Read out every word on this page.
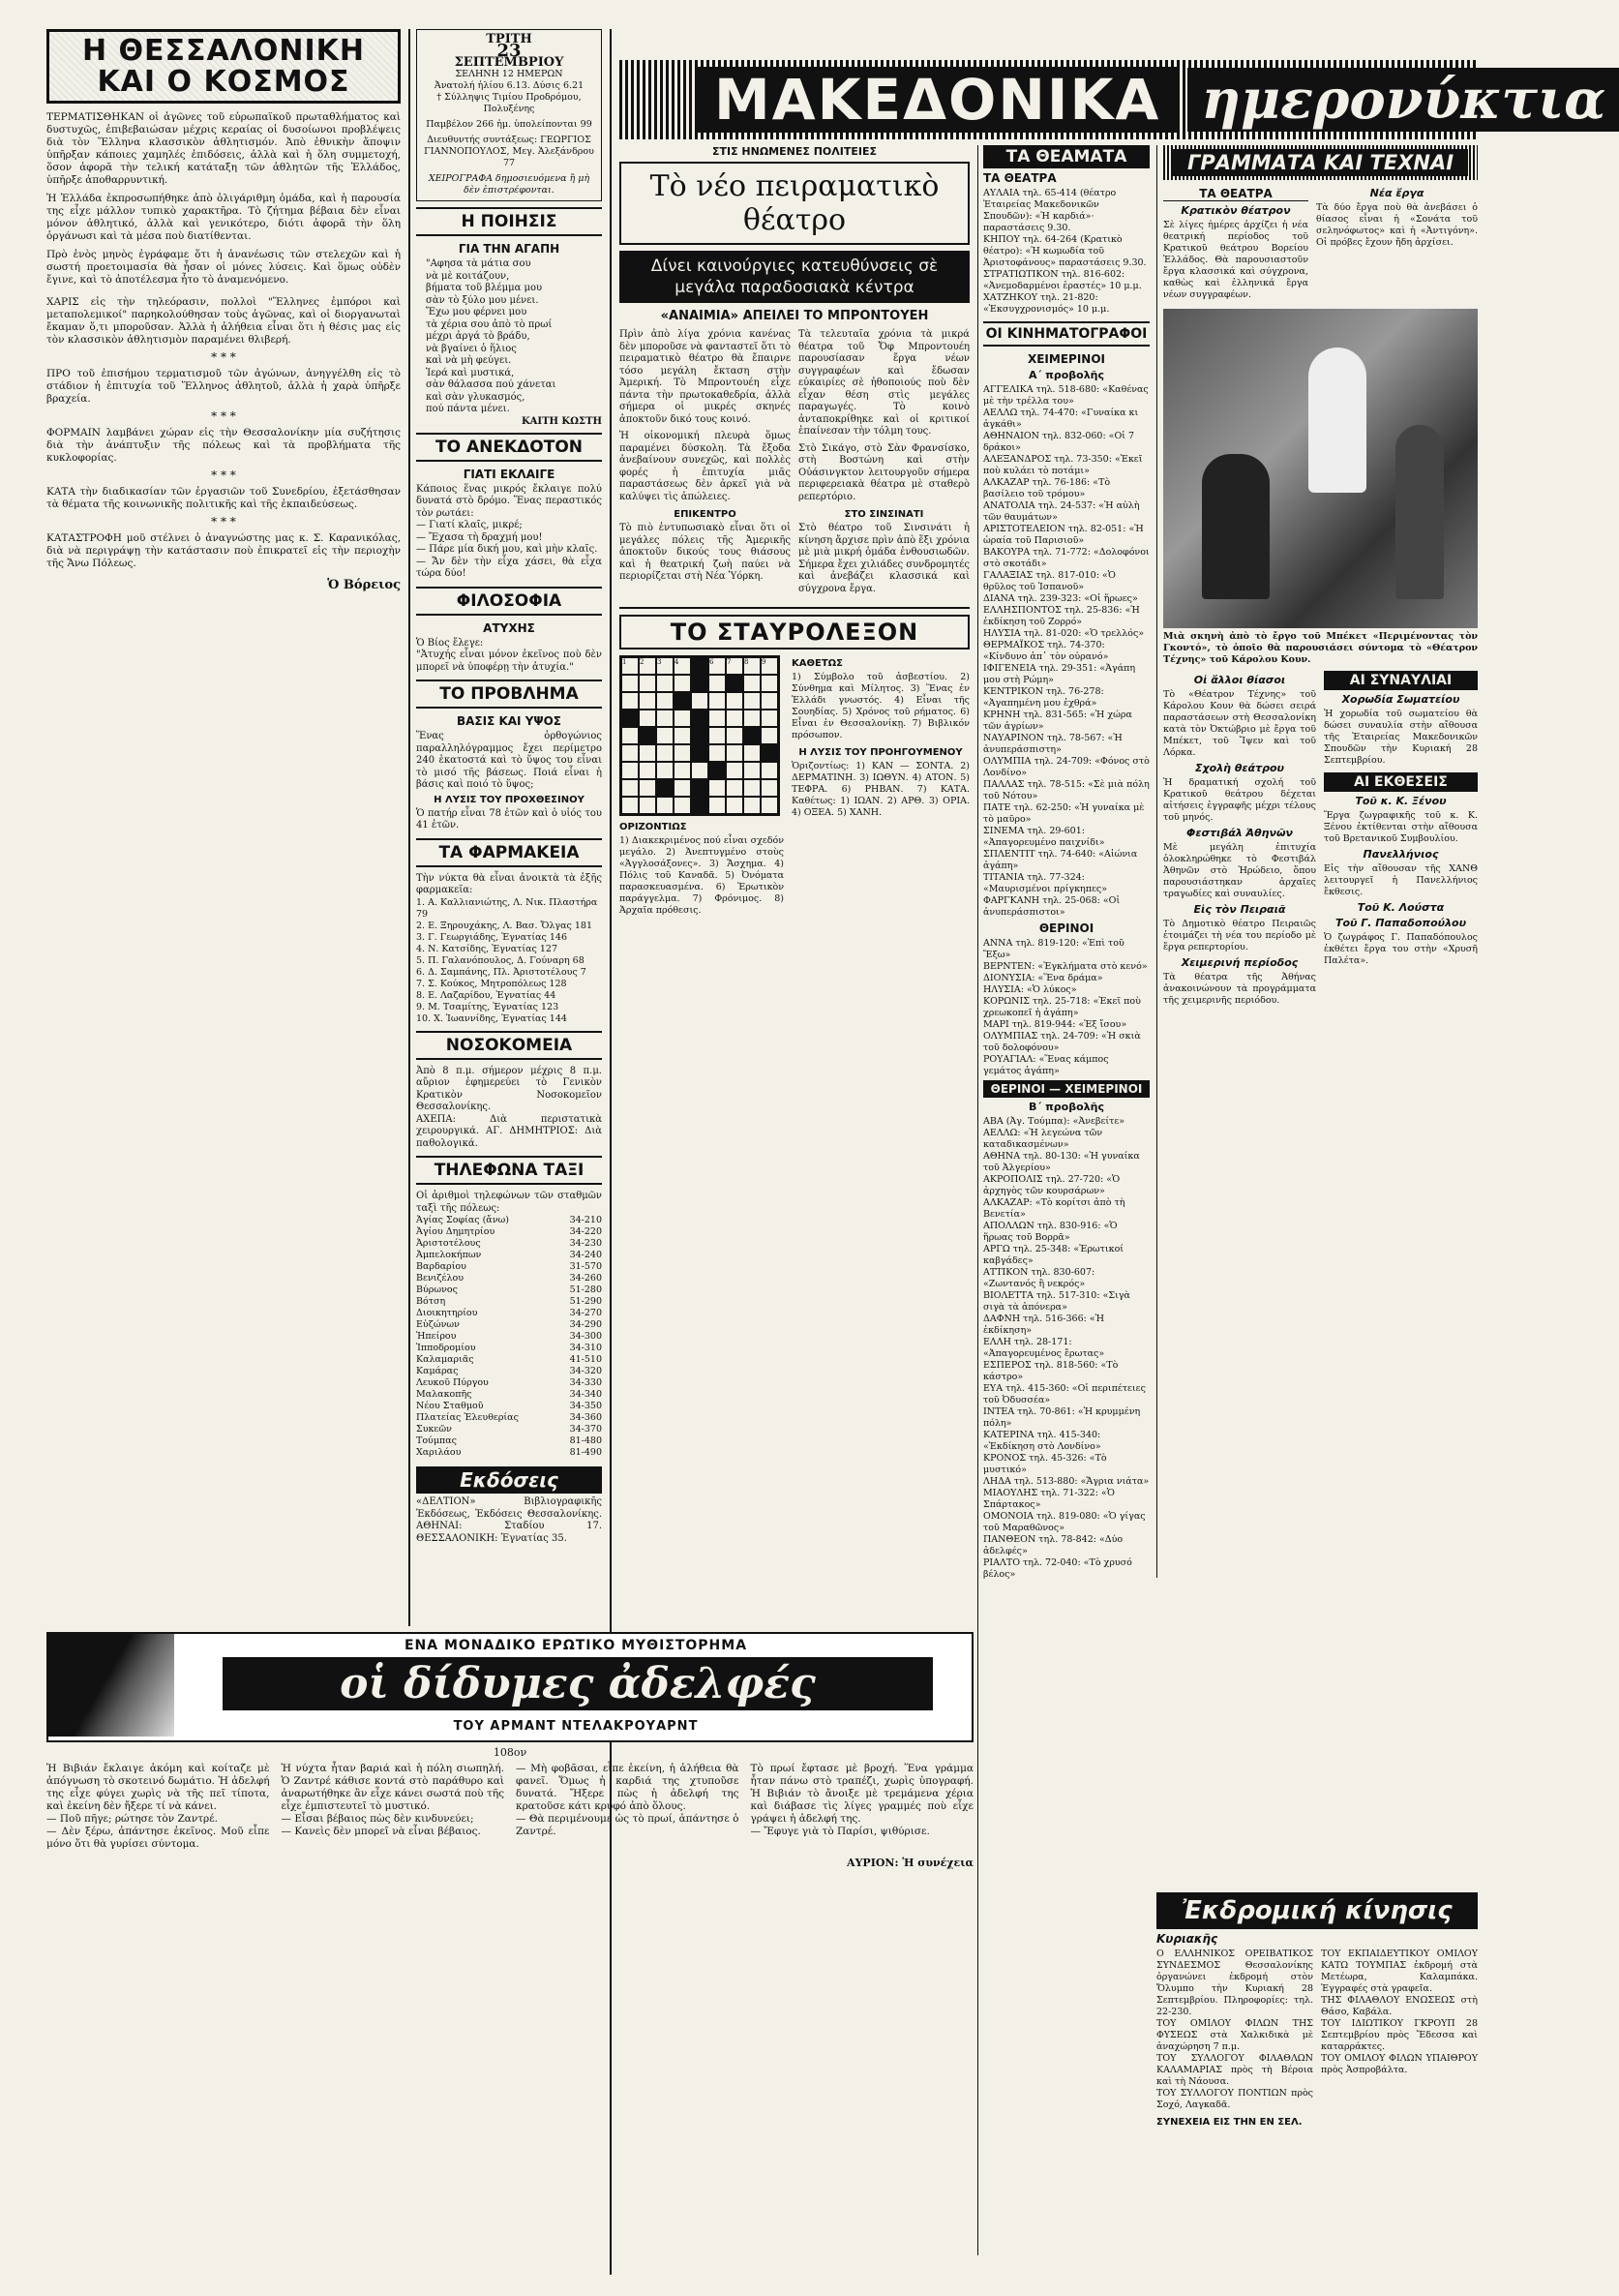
Η ΘΕΣΣΑΛΟΝΙΚΗ ΚΑΙ Ο ΚΟΣΜΟΣ
ΤΕΡΜΑΤΙΣΘΗΚΑΝ οἱ ἀγῶνες τοῦ εὐρωπαϊκοῦ πρωταθλήματος καὶ δυστυχῶς, ἐπιβεβαιώσαν μέχρις κεραίας οἱ δυσοίωνοι προβλέψεις διὰ τὸν Ἕλληνα κλασσικὸν ἀθλητισμόν. Ἀπὸ ἐθνικὴν ἄποψιν ὑπῆρξαν κάποιες χαμηλές ἐπιδόσεις, ἀλλὰ καὶ ἡ ὅλη συμμετοχή, ὅσον ἀφορᾶ τὴν τελική κατάταξη τῶν ἀθλητῶν τῆς Ἑλλάδος, ὑπῆρξε ἀποθαρρυντική.
Ἡ Ἑλλάδα ἐκπροσωπήθηκε ἀπὸ ὀλιγάριθμη ὁμάδα, καὶ ἡ παρουσία της εἶχε μάλλον τυπικὸ χαρακτῆρα. Τὸ ζήτημα βέβαια δὲν εἶναι μόνον ἀθλητικό, ἀλλὰ καὶ γενικότερο, διότι ἀφορᾶ τὴν ὅλη ὀργάνωσι καὶ τὰ μέσα ποὺ διατίθενται.
Πρὸ ἑνὸς μηνὸς ἐγράφαμε ὅτι ἡ ἀνανέωσις τῶν στελεχῶν καὶ ἡ σωστή προετοιμασία θὰ ἦσαν οἱ μόνες λύσεις. Καὶ ὅμως οὐδὲν ἔγινε, καὶ τὸ ἀποτέλεσμα ἦτο τὸ ἀναμενόμενο.
ΧΑΡΙΣ εἰς τὴν τηλεόρασιν, πολλοὶ "Ἕλληνες ἐμπόροι καὶ μεταπολεμικοί" παρηκολούθησαν τοὺς ἀγῶνας, καὶ οἱ διοργανωταὶ ἔκαμαν ὅ,τι μποροῦσαν. Ἀλλὰ ἡ ἀλήθεια εἶναι ὅτι ἡ θέσις μας εἰς τὸν κλασσικὸν ἀθλητισμὸν παραμένει θλιβερή.
* * *
ΠΡΟ τοῦ ἐπισήμου τερματισμοῦ τῶν ἀγώνων, ἀνηγγέλθη εἰς τὸ στάδιον ἡ ἐπιτυχία τοῦ Ἕλληνος ἀθλητοῦ, ἀλλὰ ἡ χαρὰ ὑπῆρξε βραχεία.
* * *
ΦΟΡΜΑΙΝ λαμβάνει χώραν εἰς τὴν Θεσσαλονίκην μία συζήτησις διὰ τὴν ἀνάπτυξιν τῆς πόλεως καὶ τὰ προβλήματα τῆς κυκλοφορίας.
* * *
ΚΑΤΑ τὴν διαδικασίαν τῶν ἐργασιῶν τοῦ Συνεδρίου, ἐξετάσθησαν τὰ θέματα τῆς κοινωνικῆς πολιτικῆς καὶ τῆς ἐκπαιδεύσεως.
* * *
ΚΑΤΑΣΤΡΟΦΗ μοῦ στέλνει ὁ ἀναγνώστης μας κ. Σ. Καρανικόλας, διὰ νὰ περιγράψῃ τὴν κατάστασιν ποὺ ἐπικρατεῖ εἰς τὴν περιοχὴν τῆς Ἄνω Πόλεως.
Ὁ Βόρειος
ΤΡΙΤΗ
23
ΣΕΠΤΕΜΒΡΙΟΥ
ΣΕΛΗΝΗ 12 ΗΜΕΡΩΝ
Ἀνατολή ἡλίου 6.13. Δύσις 6.21
† Σύλληψις Τιμίου Προδρόμου, Πολυξένης
Παμβέλον 266 ἡμ. ὑπολείπονται 99
Διευθυντής συντάξεως: ΓΕΩΡΓΙΟΣ ΓΙΑΝΝΟΠΟΥΛΟΣ, Μεγ. Ἀλεξάνδρου 77
ΧΕΙΡΟΓΡΑΦΑ δημοσιευόμενα ἢ μὴ δὲν ἐπιστρέφονται.
Η ΠΟΙΗΣΙΣ
ΓΙΑ ΤΗΝ ΑΓΑΠΗ
"Αφησα τὰ μάτια σου
νὰ μὲ κοιτάζουν,
βήματα τοῦ βλέμμα μου
σὰν τὸ ξύλο μου μένει.
Ἔχω μου φέρνει μου
τὰ χέρια σου ἀπὸ τὸ πρωί
μέχρι ἀργά τὸ βράδυ,
νὰ βγαίνει ὁ ἥλιος
καὶ νὰ μὴ φεύγει.
Ἱερά καὶ μυστικά,
σὰν θάλασσα πού χάνεται
καὶ σὰν γλυκασμός,
πού πάντα μένει.
ΚΑΙΤΗ ΚΩΣΤΗ
ΤΟ ΑΝΕΚΔΟΤΟΝ
ΓΙΑΤΙ ΕΚΛΑΙΓΕ
Κάποιος ἕνας μικρός ἔκλαιγε πολύ δυνατά στὸ δρόμο. Ἕνας περαστικός τὸν ρωτάει:
— Γιατί κλαῖς, μικρέ;
— Ἔχασα τὴ δραχμή μου!
— Πάρε μία δική μου, καὶ μὴν κλαῖς.
— Ἄν δὲν τὴν εἶχα χάσει, θὰ εἶχα τώρα δύο!
ΦΙΛΟΣΟΦΙΑ
ΑΤΥΧΗΣ
Ὁ Βίος ἔλεγε:
"Ἀτυχής εἶναι μόνον ἐκεῖνος ποὺ δὲν μπορεῖ νὰ ὑποφέρῃ τὴν ἀτυχία."
ΤΟ ΠΡΟΒΛΗΜΑ
ΒΑΣΙΣ ΚΑΙ ΥΨΟΣ
Ἕνας ὀρθογώνιος παραλληλόγραμμος ἔχει περίμετρο 240 ἑκατοστά καὶ τὸ ὕψος του εἶναι τὸ μισό τῆς βάσεως. Ποιά εἶναι ἡ βάσις καὶ ποιό τὸ ὕψος;
Η ΛΥΣΙΣ ΤΟΥ ΠΡΟΧΘΕΣΙΝΟΥ
Ὁ πατήρ εἶναι 78 ἐτῶν καὶ ὁ υἱός του 41 ἐτῶν.
ΤΑ ΦΑΡΜΑΚΕΙΑ
Τὴν νύκτα θὰ εἶναι ἀνοικτὰ τὰ ἑξῆς φαρμακεῖα:
1. Α. Καλλιανιώτης, Λ. Νικ. Πλαστήρα 79
2. Ε. Ξηρουχάκης, Λ. Βασ. Ὄλγας 181
3. Γ. Γεωργιάδης, Ἐγνατίας 146
4. Ν. Κατσίδης, Ἐγνατίας 127
5. Π. Γαλανόπουλος, Δ. Γούναρη 68
6. Δ. Σαμπάνης, Πλ. Ἀριστοτέλους 7
7. Σ. Κούκος, Μητροπόλεως 128
8. Ε. Λαζαρίδου, Ἐγνατίας 44
9. Μ. Τσαμίτης, Ἐγνατίας 123
10. Χ. Ἰωαννίδης, Ἐγνατίας 144
ΝΟΣΟΚΟΜΕΙΑ
Ἀπὸ 8 π.μ. σήμερον μέχρις 8 π.μ. αὔριον ἐφημερεύει τὸ Γενικὸν Κρατικὸν Νοσοκομεῖον Θεσσαλονίκης.
ΑΧΕΠΑ: Διὰ περιστατικὰ χειρουργικά. ΑΓ. ΔΗΜΗΤΡΙΟΣ: Διὰ παθολογικά.
ΤΗΛΕΦΩΝΑ ΤΑΞΙ
Οἱ ἀριθμοὶ τηλεφώνων τῶν σταθμῶν ταξὶ τῆς πόλεως:
Ἀγίας Σοφίας (ἄνω)	34-210
Ἀγίου Δημητρίου	34-220
Ἀριστοτέλους	34-230
Ἀμπελοκήπων	34-240
Βαρδαρίου	31-570
Βενιζέλου	34-260
Βύρωνος	51-280
Βότση	51-290
Διοικητηρίου	34-270
Εὐζώνων	34-290
Ἡπείρου	34-300
Ἱπποδρομίου	34-310
Καλαμαριᾶς	41-510
Καμάρας	34-320
Λευκοῦ Πύργου	34-330
Μαλακοπῆς	34-340
Νέου Σταθμοῦ	34-350
Πλατείας Ἐλευθερίας	34-360
Συκεῶν	34-370
Τούμπας	81-480
Χαριλάου	81-490
Εκδόσεις
«ΔΕΛΤΙΟΝ» Βιβλιογραφικῆς Ἐκδόσεως, Ἐκδόσεις Θεσσαλονίκης. ΑΘΗΝΑΙ: Σταδίου 17. ΘΕΣΣΑΛΟΝΙΚΗ: Ἐγνατίας 35.
ΜΑΚΕΔΟΝΙΚΑ ημερονύκτια
ΣΤΙΣ ΗΝΩΜΕΝΕΣ ΠΟΛΙΤΕΙΕΣ
Τὸ νέο πειραματικὸ θέατρο
Δίνει καινούργιες κατευθύνσεις σὲ μεγάλα παραδοσιακὰ κέντρα
«ΑΝΑΙΜΙΑ» ΑΠΕΙΛΕΙ ΤΟ ΜΠΡΟΝΤΟΥΕΗ
Πρὶν ἀπὸ λίγα χρόνια κανένας δὲν μποροῦσε νὰ φανταστεῖ ὅτι τὸ πειραματικὸ θέατρο θὰ ἔπαιρνε τόσο μεγάλη ἔκταση στὴν Ἀμερική. Τὸ Μπροντουέη εἶχε πάντα τὴν πρωτοκαθεδρία, ἀλλὰ σήμερα οἱ μικρές σκηνές ἀποκτοῦν δικό τους κοινό.
Ἡ οἰκονομική πλευρὰ ὅμως παραμένει δύσκολη. Τὰ ἔξοδα ἀνεβαίνουν συνεχῶς, καὶ πολλὲς φορές ἡ ἐπιτυχία μιᾶς παραστάσεως δὲν ἀρκεῖ γιὰ νὰ καλύψει τὶς ἀπώλειες.
ΕΠΙΚΕΝΤΡΟ
Τὸ πιὸ ἐντυπωσιακὸ εἶναι ὅτι οἱ μεγάλες πόλεις τῆς Ἀμερικῆς ἀποκτοῦν δικούς τους θιάσους καὶ ἡ θεατρική ζωὴ παύει νὰ περιορίζεται στὴ Νέα Ὑόρκη.
Τὰ τελευταῖα χρόνια τὰ μικρά θέατρα τοῦ Ὄφ Μπροντουέη παρουσίασαν ἔργα νέων συγγραφέων καὶ ἔδωσαν εὐκαιρίες σὲ ἠθοποιούς ποὺ δὲν εἶχαν θέση στὶς μεγάλες παραγωγές. Τὸ κοινὸ ἀνταποκρίθηκε καὶ οἱ κριτικοί ἐπαίνεσαν τὴν τόλμη τους.
Στὸ Σικάγο, στὸ Σὰν Φρανσίσκο, στὴ Βοστώνη καὶ στὴν Οὐάσινγκτον λειτουργοῦν σήμερα περιφερειακὰ θέατρα μὲ σταθερὸ ρεπερτόριο.
ΣΤΟ ΣΙΝΣΙΝΑΤΙ
Στὸ θέατρο τοῦ Σινσινάτι ἡ κίνηση ἄρχισε πρὶν ἀπὸ ἕξι χρόνια μὲ μιὰ μικρή ὁμάδα ἐνθουσιωδῶν. Σήμερα ἔχει χιλιάδες συνδρομητές καὶ ἀνεβάζει κλασσικά καὶ σύγχρονα ἔργα.
ΤΟ ΣΤΑΥΡΟΛΕΞΟΝ
1	2	3	4	6	7	8	9
ΟΡΙΖΟΝΤΙΩΣ
1) Διακεκριμένος πού εἶναι σχεδόν μεγάλο. 2) Ἀνεπτυγμένο στοὺς «Ἀγγλοσάξονες». 3) Ἄσχημα. 4) Πόλις τοῦ Καναδᾶ. 5) Ὀνόματα παρασκευασμένα. 6) Ἐρωτικὸν παράγγελμα. 7) Φρόνιμος. 8) Ἀρχαῖα πρόθεσις.
ΚΑΘΕΤΩΣ
1) Σύμβολο τοῦ ἀσβεστίου. 2) Σύνθημα καὶ Μίλητος. 3) Ἕνας ἐν Ἑλλάδι γνωστός. 4) Εἶναι τῆς Σουηδίας. 5) Χρόνος τοῦ ρήματος. 6) Εἶναι ἐν Θεσσαλονίκῃ. 7) Βιβλικόν πρόσωπον.
Η ΛΥΣΙΣ ΤΟΥ ΠΡΟΗΓΟΥΜΕΝΟΥ
Ὁριζοντίως: 1) ΚΑΝ — ΣΟΝΤΑ. 2) ΔΕΡΜΑΤΙΝΗ. 3) ΙΩΘΥΝ. 4) ΑΤΟΝ. 5) ΤΕΦΡΑ. 6) ΡΗΒΑΝ. 7) ΚΑΤΑ. Καθέτως: 1) ΙΩΑΝ. 2) ΑΡΘ. 3) ΟΡΙΑ. 4) ΟΞΕΑ. 5) ΧΑΝΗ.
ΤΑ ΘΕΑΜΑΤΑ
ΤΑ ΘΕΑΤΡΑ
ΑΥΛΑΙΑ τηλ. 65-414 (θέατρο Ἑταιρείας Μακεδονικῶν Σπουδῶν): «Ἡ καρδιά»· παραστάσεις 9.30.
ΚΗΠΟΥ τηλ. 64-264 (Κρατικὸ θέατρο): «Ἡ κωμωδία τοῦ Ἀριστοφάνους» παραστάσεις 9.30.
ΣΤΡΑΤΙΩΤΙΚΟΝ τηλ. 816-602: «Ἀνεμοδαρμένοι ἐραστές» 10 μ.μ.
ΧΑΤΖΗΚΟΥ τηλ. 21-820: «Ἐκσυγχρονισμός» 10 μ.μ.
ΟΙ ΚΙΝΗΜΑΤΟΓΡΑΦΟΙ
ΧΕΙΜΕΡΙΝΟΙ
Α΄ προβολῆς
ΑΓΓΕΛΙΚΑ τηλ. 518-680: «Καθένας μὲ τὴν τρέλλα του»
ΑΕΛΛΩ τηλ. 74-470: «Γυναίκα κι ἀγκάθι»
ΑΘΗΝΑΙΟΝ τηλ. 832-060: «Οἱ 7 δράκοι»
ΑΛΕΞΑΝΔΡΟΣ τηλ. 73-350: «Ἐκεῖ ποὺ κυλάει τὸ ποτάμι»
ΑΛΚΑΖΑΡ τηλ. 76-186: «Τὸ βασίλειο τοῦ τρόμου»
ΑΝΑΤΟΛΙΑ τηλ. 24-537: «Ἡ αὐλὴ τῶν θαυμάτων»
ΑΡΙΣΤΟΤΕΛΕΙΟΝ τηλ. 82-051: «Ἡ ὡραία τοῦ Παρισιοῦ»
ΒΑΚΟΥΡΑ τηλ. 71-772: «Δολοφόνοι στὸ σκοτάδι»
ΓΑΛΑΞΙΑΣ τηλ. 817-010: «Ὁ θρῦλος τοῦ Ἰσπανοῦ»
ΔΙΑΝΑ τηλ. 239-323: «Οἱ ἥρωες»
ΕΛΛΗΣΠΟΝΤΟΣ τηλ. 25-836: «Ἡ ἐκδίκηση τοῦ Ζορρό»
ΗΛΥΣΙΑ τηλ. 81-020: «Ὁ τρελλός»
ΘΕΡΜΑΪΚΟΣ τηλ. 74-370: «Κίνδυνο ἀπ᾽ τὸν οὐρανό»
ΙΦΙΓΕΝΕΙΑ τηλ. 29-351: «Ἀγάπη μου στὴ Ρώμη»
ΚΕΝΤΡΙΚΟΝ τηλ. 76-278: «Ἀγαπημένη μου ἐχθρά»
ΚΡΗΝΗ τηλ. 831-565: «Ἡ χώρα τῶν ἀγρίων»
ΝΑΥΑΡΙΝΟΝ τηλ. 78-567: «Ἡ ἀνυπεράσπιστη»
ΟΛΥΜΠΙΑ τηλ. 24-709: «Φόνος στὸ Λονδίνο»
ΠΑΛΛΑΣ τηλ. 78-515: «Σὲ μιὰ πόλη τοῦ Νότου»
ΠΑΤΕ τηλ. 62-250: «Ἡ γυναίκα μὲ τὸ μαῦρο»
ΣΙΝΕΜΑ τηλ. 29-601: «Ἀπαγορευμένο παιχνίδι»
ΣΠΛΕΝΤΙΤ τηλ. 74-640: «Αἰώνια ἀγάπη»
ΤΙΤΑΝΙΑ τηλ. 77-324: «Μαυρισμένοι πρίγκηπες»
ΦΑΡΓΚΑΝΗ τηλ. 25-068: «Οἱ ἀνυπεράσπιστοι»
ΘΕΡΙΝΟΙ
ΑΝΝΑ τηλ. 819-120: «Ἐπὶ τοῦ Ἔξω»
ΒΕΡΝΤΕΝ: «Ἐγκλήματα στὸ κενό»
ΔΙΟΝΥΣΙΑ: «Ἕνα δράμα»
ΗΛΥΣΙΑ: «Ὁ λύκος»
ΚΟΡΩΝΙΣ τηλ. 25-718: «Ἐκεῖ ποὺ χρεωκοπεῖ ἡ ἀγάπη»
ΜΑΡΙ τηλ. 819-944: «Ἐξ ἴσου»
ΟΛΥΜΠΙΑΣ τηλ. 24-709: «Ἡ σκιὰ τοῦ δολοφόνου»
ΡΟΥΑΓΙΑΛ: «Ἕνας κάμπος γεμάτος ἀγάπη»
ΘΕΡΙΝΟΙ — ΧΕΙΜΕΡΙΝΟΙ
Β΄ προβολῆς
ΑΒΑ (Ἀγ. Τούμπα): «Ἀνεβείτε»
ΑΕΛΛΩ: «Ἡ λεγεώνα τῶν καταδικασμένων»
ΑΘΗΝΑ τηλ. 80-130: «Ἡ γυναίκα τοῦ Ἀλγερίου»
ΑΚΡΟΠΟΛΙΣ τηλ. 27-720: «Ὁ ἀρχηγὸς τῶν κουρσάρων»
ΑΛΚΑΖΑΡ: «Τὸ κορίτσι ἀπὸ τὴ Βενετία»
ΑΠΟΛΛΩΝ τηλ. 830-916: «Ὁ ἥρωας τοῦ Βορρᾶ»
ΑΡΓΩ τηλ. 25-348: «Ἐρωτικοί καβγάδες»
ΑΤΤΙΚΟΝ τηλ. 830-607: «Ζωντανός ἢ νεκρός»
ΒΙΟΛΕΤΤΑ τηλ. 517-310: «Σιγὰ σιγὰ τὰ ἀπόνερα»
ΔΑΦΝΗ τηλ. 516-366: «Ἡ ἐκδίκηση»
ΕΛΛΗ τηλ. 28-171: «Ἀπαγορευμένος ἔρωτας»
ΕΣΠΕΡΟΣ τηλ. 818-560: «Τὸ κάστρο»
ΕΥΑ τηλ. 415-360: «Οἱ περιπέτειες τοῦ Ὀδυσσέα»
ΙΝΤΕΑ τηλ. 70-861: «Ἡ κρυμμένη πόλη»
ΚΑΤΕΡΙΝΑ τηλ. 415-340: «Ἐκδίκηση στὸ Λονδίνο»
ΚΡΟΝΟΣ τηλ. 45-326: «Τὸ μυστικό»
ΛΗΔΑ τηλ. 513-880: «Ἄγρια νιάτα»
ΜΙΑΟΥΛΗΣ τηλ. 71-322: «Ὁ Σπάρτακος»
ΟΜΟΝΟΙΑ τηλ. 819-080: «Ὁ γίγας τοῦ Μαραθῶνος»
ΠΑΝΘΕΟΝ τηλ. 78-842: «Δύο ἀδελφές»
ΡΙΑΛΤΟ τηλ. 72-040: «Τὸ χρυσό βέλος»
ΓΡΑΜΜΑΤΑ ΚΑΙ ΤΕΧΝΑΙ
ΤΑ ΘΕΑΤΡΑ
Κρατικὸν θέατρον
Σὲ λίγες ἡμέρες ἀρχίζει ἡ νέα θεατρική περίοδος τοῦ Κρατικοῦ θεάτρου Βορείου Ἑλλάδος. Θὰ παρουσιαστοῦν ἔργα κλασσικά καὶ σύγχρονα, καθὼς καὶ ἑλληνικά ἔργα νέων συγγραφέων.
Νέα ἔργα
Τὰ δύο ἔργα ποὺ θὰ ἀνεβάσει ὁ θίασος εἶναι ἡ «Σονάτα τοῦ σεληνόφωτος» καὶ ἡ «Ἀντιγόνη». Οἱ πρόβες ἔχουν ἤδη ἀρχίσει.
Μιὰ σκηνὴ ἀπὸ τὸ ἔργο τοῦ Μπέκετ «Περιμένοντας τὸν Γκοντό», τὸ ὁποῖο θὰ παρουσιάσει σύντομα τὸ «Θέατρον Τέχνης» τοῦ Κάρολου Κουν.
Οἱ ἄλλοι θίασοι
Τὸ «Θέατρον Τέχνης» τοῦ Κάρολου Κουν θὰ δώσει σειρά παραστάσεων στὴ Θεσσαλονίκη κατὰ τὸν Ὀκτώβριο μὲ ἔργα τοῦ Μπέκετ, τοῦ Ἴψεν καὶ τοῦ Λόρκα.
Σχολὴ θεάτρου
Ἡ δραματική σχολή τοῦ Κρατικοῦ θεάτρου δέχεται αἰτήσεις ἐγγραφῆς μέχρι τέλους τοῦ μηνός.
Φεστιβάλ Ἀθηνῶν
Μὲ μεγάλη ἐπιτυχία ὁλοκληρώθηκε τὸ Φεστιβάλ Ἀθηνῶν στὸ Ἡρώδειο, ὅπου παρουσιάστηκαν ἀρχαῖες τραγωδίες καὶ συναυλίες.
Εἰς τὸν Πειραιᾶ
Τὸ Δημοτικὸ θέατρο Πειραιῶς ἑτοιμάζει τὴ νέα του περίοδο μὲ ἔργα ρεπερτορίου.
Χειμερινή περίοδος
Τὰ θέατρα τῆς Ἀθήνας ἀνακοινώνουν τὰ προγράμματα τῆς χειμερινῆς περιόδου.
ΑΙ ΣΥΝΑΥΛΙΑΙ
Χορωδία Σωματείου
Ἡ χορωδία τοῦ σωματείου θὰ δώσει συναυλία στὴν αἴθουσα τῆς Ἑταιρείας Μακεδονικῶν Σπουδῶν τὴν Κυριακή 28 Σεπτεμβρίου.
ΑΙ ΕΚΘΕΣΕΙΣ
Τοῦ κ. Κ. Ξένου
Ἔργα ζωγραφικῆς τοῦ κ. Κ. Ξένου ἐκτίθενται στὴν αἴθουσα τοῦ Βρετανικοῦ Συμβουλίου.
Πανελλήνιος
Εἰς τὴν αἴθουσαν τῆς ΧΑΝΘ λειτουργεῖ ἡ Πανελλήνιος ἔκθεσις.
Τοῦ Κ. Λούστα
Τοῦ Γ. Παπαδοπούλου
Ὁ ζωγράφος Γ. Παπαδόπουλος ἐκθέτει ἔργα του στὴν «Χρυσῆ Παλέτα».
Ἐκδρομική κίνησις
Κυριακῆς
Ο ΕΛΛΗΝΙΚΟΣ ΟΡΕΙΒΑΤΙΚΟΣ ΣΥΝΔΕΣΜΟΣ Θεσσαλονίκης ὀργανώνει ἐκδρομή στὸν Ὄλυμπο τὴν Κυριακή 28 Σεπτεμβρίου. Πληροφορίες: τηλ. 22-230.
ΤΟΥ ΟΜΙΛΟΥ ΦΙΛΩΝ ΤΗΣ ΦΥΣΕΩΣ στὰ Χαλκιδικὰ μὲ ἀναχώρηση 7 π.μ.
ΤΟΥ ΣΥΛΛΟΓΟΥ ΦΙΛΑΘΛΩΝ ΚΑΛΑΜΑΡΙΑΣ πρὸς τὴ Βέροια καὶ τὴ Νάουσα.
ΤΟΥ ΣΥΛΛΟΓΟΥ ΠΟΝΤΙΩΝ πρὸς Σοχό, Λαγκαδᾶ.
ΤΟΥ ΕΚΠΑΙΔΕΥΤΙΚΟΥ ΟΜΙΛΟΥ ΚΑΤΩ ΤΟΥΜΠΑΣ ἐκδρομή στὰ Μετέωρα, Καλαμπάκα. Ἐγγραφές στὰ γραφεῖα.
ΤΗΣ ΦΙΛΑΘΛΟΥ ΕΝΩΣΕΩΣ στὴ Θάσο, Καβάλα.
ΤΟΥ ΙΔΙΩΤΙΚΟΥ ΓΚΡΟΥΠ 28 Σεπτεμβρίου πρὸς Ἔδεσσα καὶ καταρράκτες.
ΤΟΥ ΟΜΙΛΟΥ ΦΙΛΩΝ ΥΠΑΙΘΡΟΥ πρὸς Ἀσπροβάλτα.
ΣΥΝΕΧΕΙΑ ΕΙΣ ΤΗΝ ΕΝ ΣΕΛ.
ΕΝΑ ΜΟΝΑΔΙΚΟ ΕΡΩΤΙΚΟ ΜΥΘΙΣΤΟΡΗΜΑ
οἱ δίδυμες ἀδελφές
ΤΟΥ ΑΡΜΑΝΤ ΝΤΕΛΑΚΡΟΥΑΡΝΤ
108ον
Ἡ Βιβιάν ἔκλαιγε ἀκόμη καὶ κοίταζε μὲ ἀπόγνωση τὸ σκοτεινό δωμάτιο. Ἡ ἀδελφή της εἶχε φύγει χωρὶς νὰ τῆς πεῖ τίποτα, καὶ ἐκείνη δὲν ἤξερε τί νὰ κάνει.
— Ποῦ πῆγε; ρώτησε τὸν Ζαντρέ.
— Δὲν ξέρω, ἀπάντησε ἐκεῖνος. Μοῦ εἶπε μόνο ὅτι θὰ γυρίσει σύντομα.
Ἡ νύχτα ἦταν βαριά καὶ ἡ πόλη σιωπηλή. Ὁ Ζαντρέ κάθισε κοντά στὸ παράθυρο καὶ ἀναρωτήθηκε ἂν εἶχε κάνει σωστά ποὺ τῆς εἶχε ἐμπιστευτεῖ τὸ μυστικό.
— Εἶσαι βέβαιος πὼς δὲν κινδυνεύει;
— Κανεὶς δὲν μπορεῖ νὰ εἶναι βέβαιος.
— Μὴ φοβᾶσαι, εἶπε ἐκείνη, ἡ ἀλήθεια θὰ φανεῖ. Ὅμως ἡ καρδιά της χτυποῦσε δυνατά. Ἤξερε πὼς ἡ ἀδελφή της κρατοῦσε κάτι κρυφό ἀπὸ ὅλους.
— Θὰ περιμένουμε ὡς τὸ πρωί, ἀπάντησε ὁ Ζαντρέ.
Τὸ πρωί ἔφτασε μὲ βροχή. Ἕνα γράμμα ἦταν πάνω στὸ τραπέζι, χωρὶς ὑπογραφή. Ἡ Βιβιάν τὸ ἄνοιξε μὲ τρεμάμενα χέρια καὶ διάβασε τὶς λίγες γραμμές ποὺ εἶχε γράψει ἡ ἀδελφή της.
— Ἔφυγε γιὰ τὸ Παρίσι, ψιθύρισε.
ΑΥΡΙΟΝ: Ἡ συνέχεια
